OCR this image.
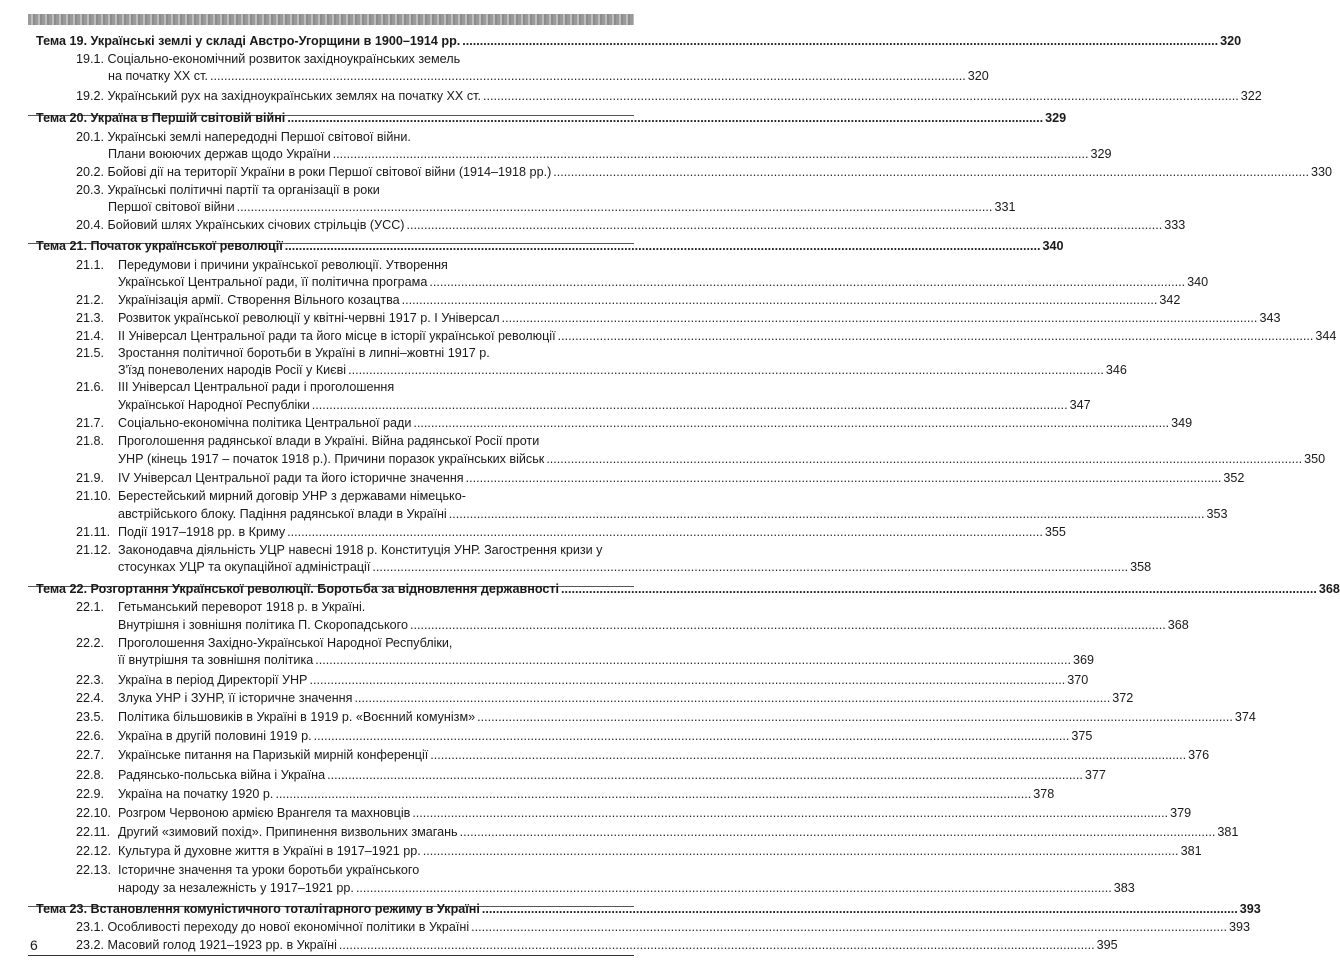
Тема 19. Українські землі у складі Австро-Угорщини в 1900–1914 рр. .....	320
19.1. Соціально-економічний розвиток західноукраїнських земель
на початку XX ст. .....	320
19.2. Український рух на західноукраїнських землях на початку XX ст. .....	322
Тема 20. Україна в Першій світовій війні .....	329
20.1. Українські землі напередодні Першої світової війни.
Плани воюючих держав щодо України .....	329
20.2. Бойові дії на території України в роки Першої світової війни (1914–1918 рр.) .....	330
20.3. Українські політичні партії та організації в роки
Першої світової війни .....	331
20.4. Бойовий шлях Українських січових стрільців (УСС) .....	333
Тема 21. Початок української революції .....	340
21.1.	Передумови і причини української революції. Утворення
Української Центральної ради, її політична програма .....	340
21.2.	Українізація армії. Створення Вільного козацтва .....	342
21.3.	Розвиток української революції у квітні-червні 1917 р. І Універсал .....	343
21.4.	ІІ Універсал Центральної ради та його місце в історії української революції .....	344
21.5.	Зростання політичної боротьби в Україні в липні–жовтні 1917 р.
З'їзд поневолених народів Росії у Києві .....	346
21.6.	ІІІ Універсал Центральної ради і проголошення
Української Народної Республіки .....	347
21.7.	Соціально-економічна політика Центральної ради .....	349
21.8.	Проголошення радянської влади в Україні. Війна радянської Росії проти
УНР (кінець 1917 – початок 1918 р.). Причини поразок українських військ .....	350
21.9.	IV Універсал Центральної ради та його історичне значення .....	352
21.10. Берестейський мирний договір УНР з державами німецько-
австрійського блоку. Падіння радянської влади в Україні .....	353
21.11. Події 1917–1918 рр. в Криму .....	355
21.12. Законодавча діяльність УЦР навесні 1918 р. Конституція УНР. Загострення кризи у
стосунках УЦР та окупаційної адміністрації .....	358
Тема 22. Розгортання Української революції. Боротьба за відновлення державності .....	368
22.1.	Гетьманський переворот 1918 р. в Україні.
Внутрішня і зовнішня політика П. Скоропадського .....	368
22.2.	Проголошення Західно-Української Народної Республіки,
її внутрішня та зовнішня політика .....	369
22.3.	Україна в період Директорії УНР .....	370
22.4.	Злука УНР і ЗУНР, її історичне значення .....	372
23.5.	Політика більшовиків в Україні в 1919 р. «Воєнний комунізм» .....	374
22.6.	Україна в другій половині 1919 р. .....	375
22.7.	Українське питання на Паризькій мирній конференції .....	376
22.8.	Радянсько-польська війна і Україна .....	377
22.9.	Україна на початку 1920 р. .....	378
22.10. Розгром Червоною армією Врангеля та махновців .....	379
22.11. Другий «зимовий похід». Припинення визвольних змагань .....	381
22.12. Культура й духовне життя в Україні в 1917–1921 рр. .....	381
22.13. Історичне значення та уроки боротьби українського
народу за незалежність у 1917–1921 рр. .....	383
Тема 23. Встановлення комуністичного тоталітарного режиму в Україні .....	393
23.1. Особливості переходу до нової економічної політики в Україні .....	393
23.2. Масовий голод 1921–1923 рр. в Україні .....	395
6
